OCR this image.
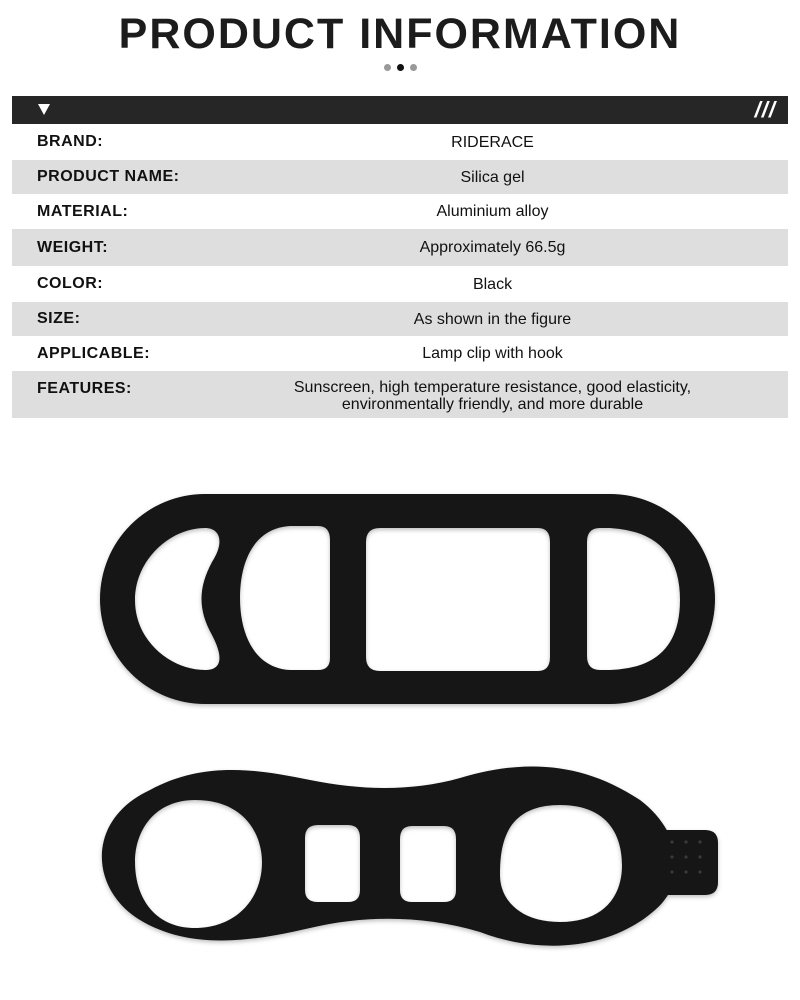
PRODUCT INFORMATION
///
BRAND:	RIDERACE
PRODUCT NAME:	Silica gel
MATERIAL:	Aluminium alloy
WEIGHT:	Approximately 66.5g
COLOR:	Black
SIZE:	As shown in the figure
APPLICABLE:	Lamp clip with hook
FEATURES:	Sunscreen, high temperature resistance, good elasticity,
environmentally friendly, and more durable
